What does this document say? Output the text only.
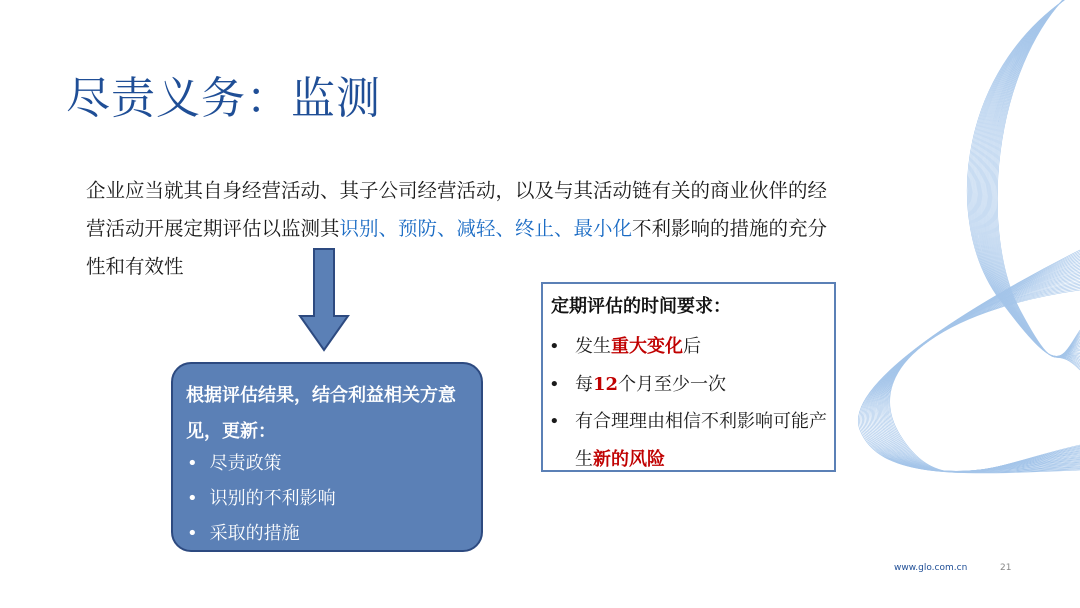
尽责义务：监测
企业应当就其自身经营活动、其子公司经营活动，以及与其活动链有关的商业伙伴的经营活动开展定期评估以监测其识别、预防、减轻、终止、最小化不利影响的措施的充分性和有效性
根据评估结果，结合利益相关方意见，更新：
• 尽责政策
• 识别的不利影响
• 采取的措施
定期评估的时间要求：
• 发生重大变化后
• 每12个月至少一次
• 有合理理由相信不利影响可能产生新的风险
www.glo.com.cn	21
